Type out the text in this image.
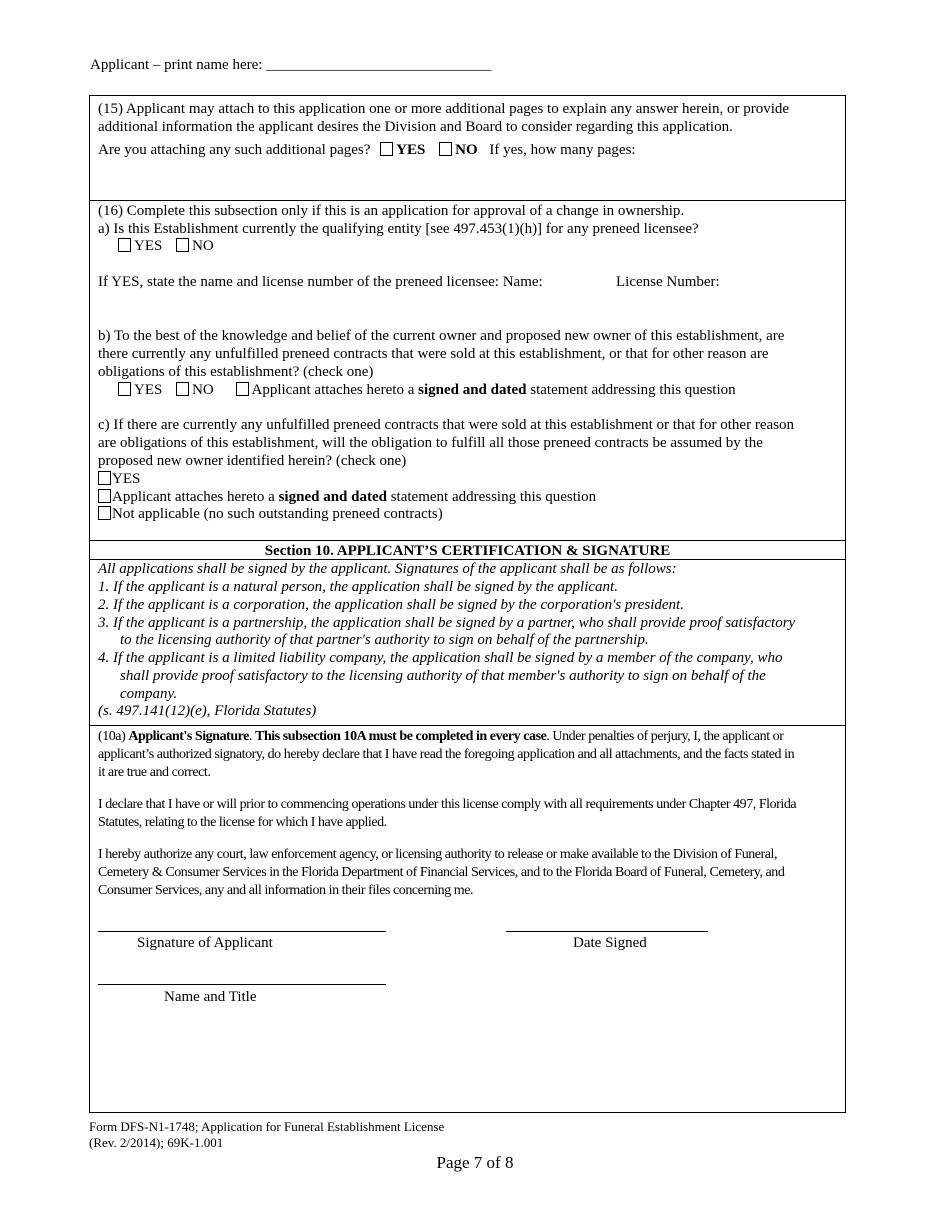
Applicant – print name here: ______________________________
(15) Applicant may attach to this application one or more additional pages to explain any answer herein, or provide
additional information the applicant desires the Division and Board to consider regarding this application.
Are you attaching any such additional pages? YES NO If yes, how many pages:
(16) Complete this subsection only if this is an application for approval of a change in ownership.
a) Is this Establishment currently the qualifying entity [see 497.453(1)(h)] for any preneed licensee?
YES NO
If YES, state the name and license number of the preneed licensee: Name:	License Number:
b) To the best of the knowledge and belief of the current owner and proposed new owner of this establishment, are
there currently any unfulfilled preneed contracts that were sold at this establishment, or that for other reason are
obligations of this establishment? (check one)
YES NO	Applicant attaches hereto a signed and dated statement addressing this question
c) If there are currently any unfulfilled preneed contracts that were sold at this establishment or that for other reason
are obligations of this establishment, will the obligation to fulfill all those preneed contracts be assumed by the
proposed new owner identified herein? (check one)
YES
Applicant attaches hereto a signed and dated statement addressing this question
Not applicable (no such outstanding preneed contracts)
Section 10. APPLICANT’S CERTIFICATION & SIGNATURE
All applications shall be signed by the applicant. Signatures of the applicant shall be as follows:
1. If the applicant is a natural person, the application shall be signed by the applicant.
2. If the applicant is a corporation, the application shall be signed by the corporation's president.
3. If the applicant is a partnership, the application shall be signed by a partner, who shall provide proof satisfactory
to the licensing authority of that partner's authority to sign on behalf of the partnership.
4. If the applicant is a limited liability company, the application shall be signed by a member of the company, who
shall provide proof satisfactory to the licensing authority of that member's authority to sign on behalf of the
company.
(s. 497.141(12)(e), Florida Statutes)
(10a) Applicant's Signature. This subsection 10A must be completed in every case. Under penalties of perjury, I, the applicant or
applicant’s authorized signatory, do hereby declare that I have read the foregoing application and all attachments, and the facts stated in
it are true and correct.
I declare that I have or will prior to commencing operations under this license comply with all requirements under Chapter 497, Florida
Statutes, relating to the license for which I have applied.
I hereby authorize any court, law enforcement agency, or licensing authority to release or make available to the Division of Funeral,
Cemetery & Consumer Services in the Florida Department of Financial Services, and to the Florida Board of Funeral, Cemetery, and
Consumer Services, any and all information in their files concerning me.
Signature of Applicant	Date Signed
Name and Title
Form DFS-N1-1748; Application for Funeral Establishment License
(Rev. 2/2014); 69K-1.001
Page 7 of 8
